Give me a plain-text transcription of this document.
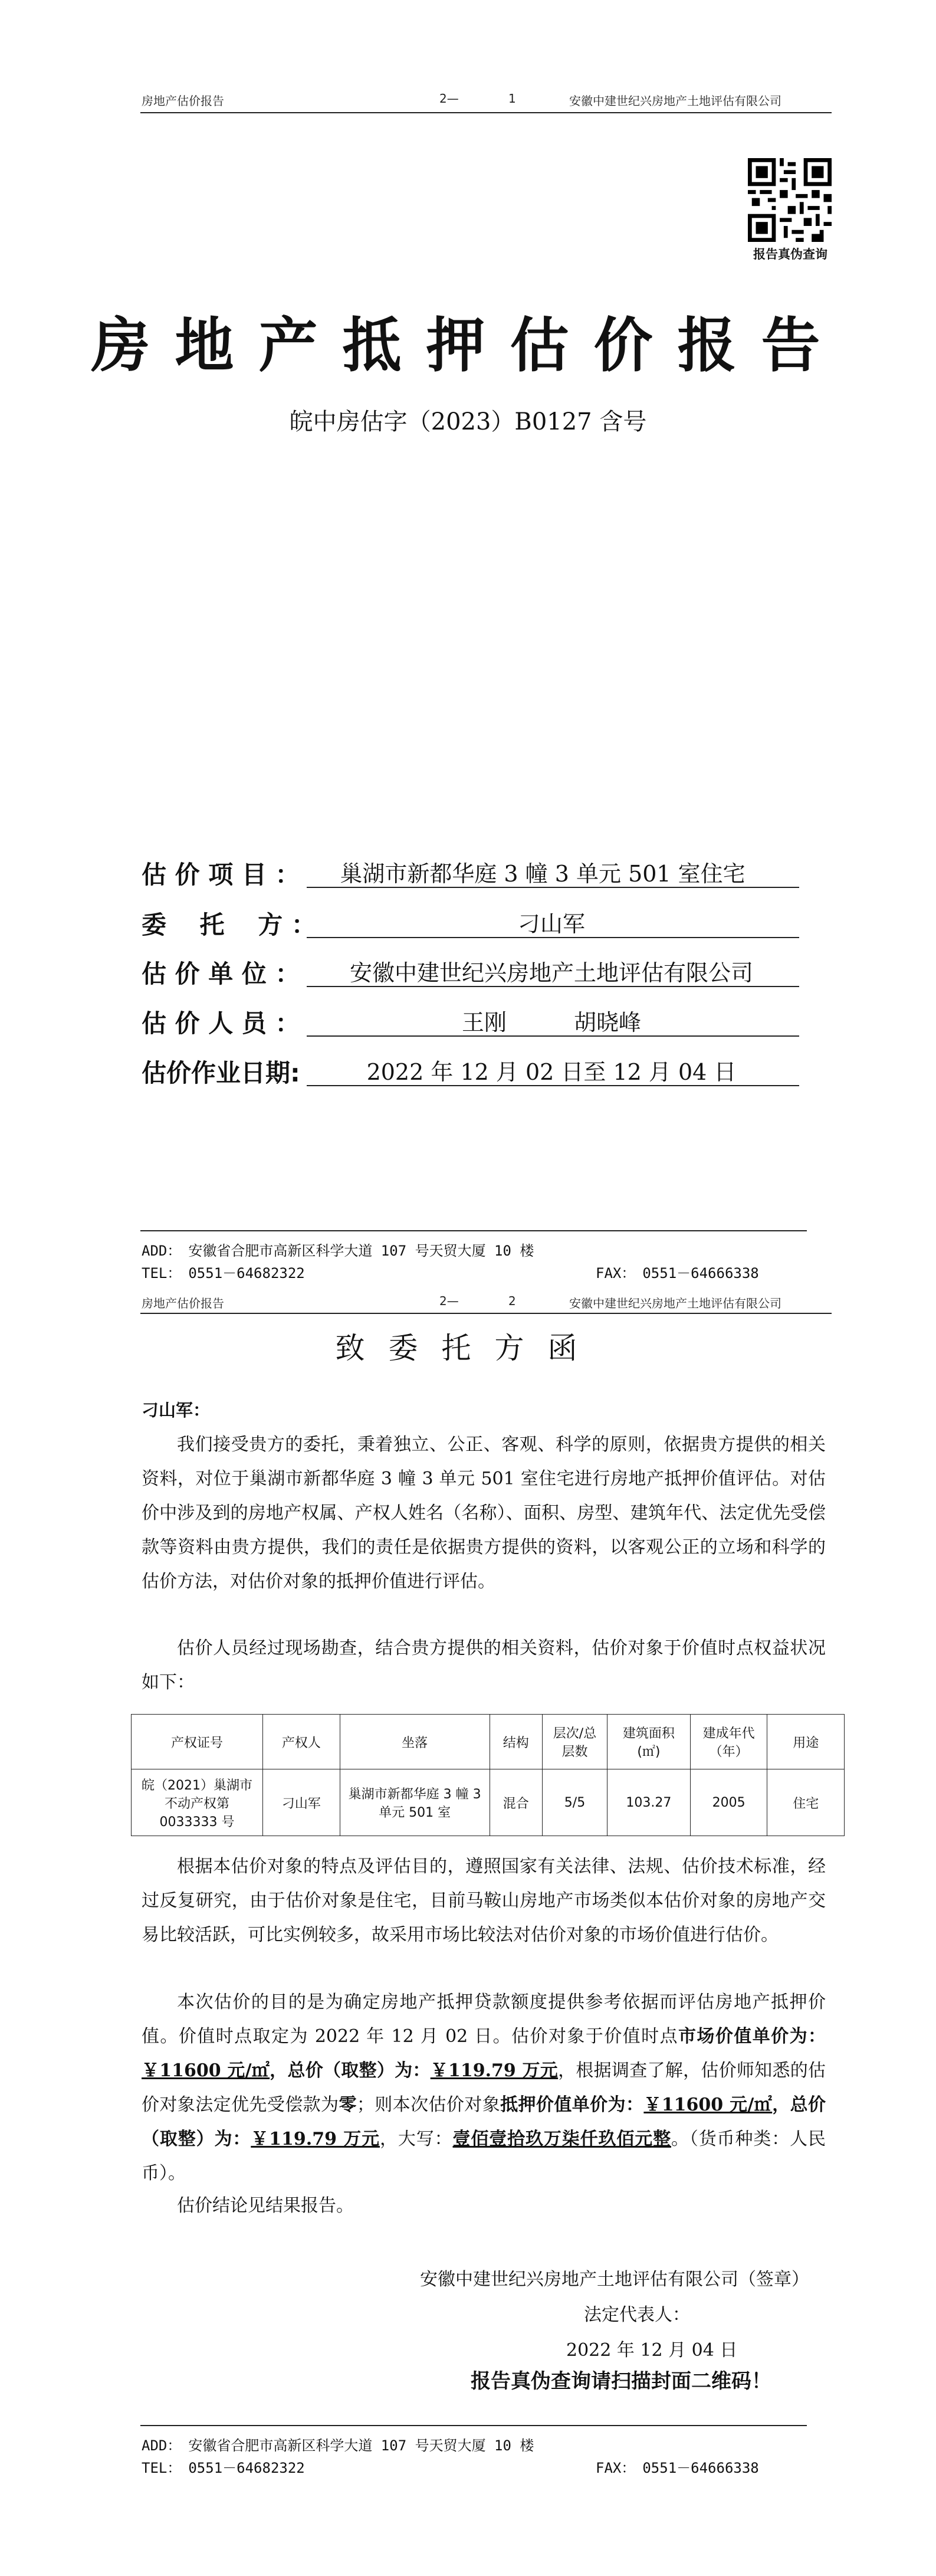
房地产估价报告	2—	1	安徽中建世纪兴房地产土地评估有限公司
报告真伪查询
房地产抵押估价报告
皖中房估字（2023）B0127 含号
估 价 项 目 ：	巢湖市新都华庭 3 幢 3 单元 501 室住宅
委　 托　 方 ：	刁山军
估 价 单 位 ：	安徽中建世纪兴房地产土地评估有限公司
估 价 人 员 ：	王刚　　　胡晓峰
估价作业日期:	2022 年 12 月 02 日至 12 月 04 日
ADD：　安徽省合肥市高新区科学大道 107 号天贸大厦 10 楼
TEL：　0551－64682322	FAX：　0551－64666338
房地产估价报告	2—	2	安徽中建世纪兴房地产土地评估有限公司
致委托方函
刁山军：
我们接受贵方的委托，秉着独立、公正、客观、科学的原则，依据贵方提供的相关资料，对位于巢湖市新都华庭 3 幢 3 单元 501 室住宅进行房地产抵押价值评估。对估价中涉及到的房地产权属、产权人姓名（名称）、面积、房型、建筑年代、法定优先受偿款等资料由贵方提供，我们的责任是依据贵方提供的资料，以客观公正的立场和科学的估价方法，对估价对象的抵押价值进行评估。
估价人员经过现场勘查，结合贵方提供的相关资料，估价对象于价值时点权益状况如下：
产权证号	产权人	坐落	结构	层次/总层数	建筑面积(㎡)	建成年代（年）	用途
皖（2021）巢湖市不动产权第 0033333 号	刁山军	巢湖市新都华庭 3 幢 3 单元 501 室	混合	5/5	103.27	2005	住宅
根据本估价对象的特点及评估目的，遵照国家有关法律、法规、估价技术标准，经过反复研究，由于估价对象是住宅，目前马鞍山房地产市场类似本估价对象的房地产交易比较活跃，可比实例较多，故采用市场比较法对估价对象的市场价值进行估价。
本次估价的目的是为确定房地产抵押贷款额度提供参考依据而评估房地产抵押价值。价值时点取定为 2022 年 12 月 02 日。估价对象于价值时点市场价值单价为：￥11600 元/㎡，总价（取整）为：￥119.79 万元，根据调查了解，估价师知悉的估价对象法定优先受偿款为零；则本次估价对象抵押价值单价为：￥11600 元/㎡，总价（取整）为：￥119.79 万元，大写：壹佰壹拾玖万柒仟玖佰元整。（货币种类：人民币）。
估价结论见结果报告。
安徽中建世纪兴房地产土地评估有限公司（签章）
法定代表人：
2022 年 12 月 04 日
报告真伪查询请扫描封面二维码！
ADD：　安徽省合肥市高新区科学大道 107 号天贸大厦 10 楼
TEL：　0551－64682322	FAX：　0551－64666338
